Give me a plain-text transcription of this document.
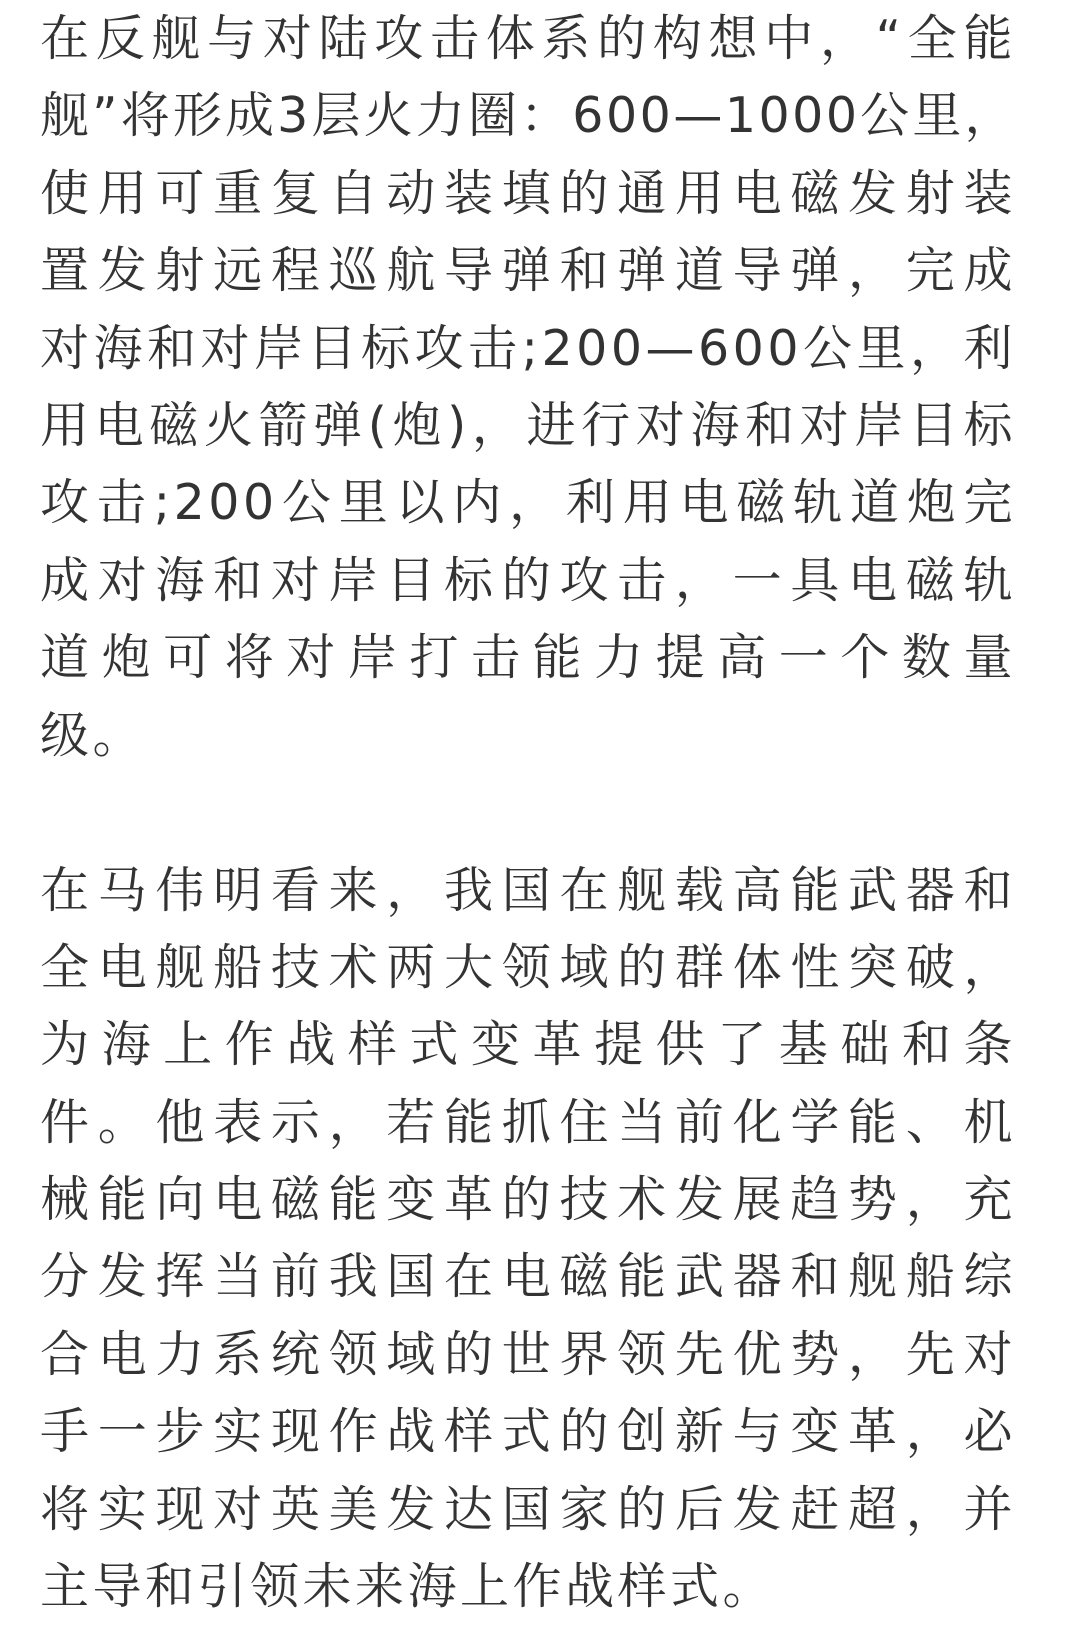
在反舰与对陆攻击体系的构想中，“全能
舰”将形成3层火力圈：600—1000公里，
使用可重复自动装填的通用电磁发射装
置发射远程巡航导弹和弹道导弹，完成
对海和对岸目标攻击;200—600公里，利
用电磁火箭弹(炮)，进行对海和对岸目标
攻击;200公里以内，利用电磁轨道炮完
成对海和对岸目标的攻击，一具电磁轨
道炮可将对岸打击能力提高一个数量
级。

在马伟明看来，我国在舰载高能武器和
全电舰船技术两大领域的群体性突破，
为海上作战样式变革提供了基础和条
件。他表示，若能抓住当前化学能、机
械能向电磁能变革的技术发展趋势，充
分发挥当前我国在电磁能武器和舰船综
合电力系统领域的世界领先优势，先对
手一步实现作战样式的创新与变革，必
将实现对英美发达国家的后发赶超，并
主导和引领未来海上作战样式。
